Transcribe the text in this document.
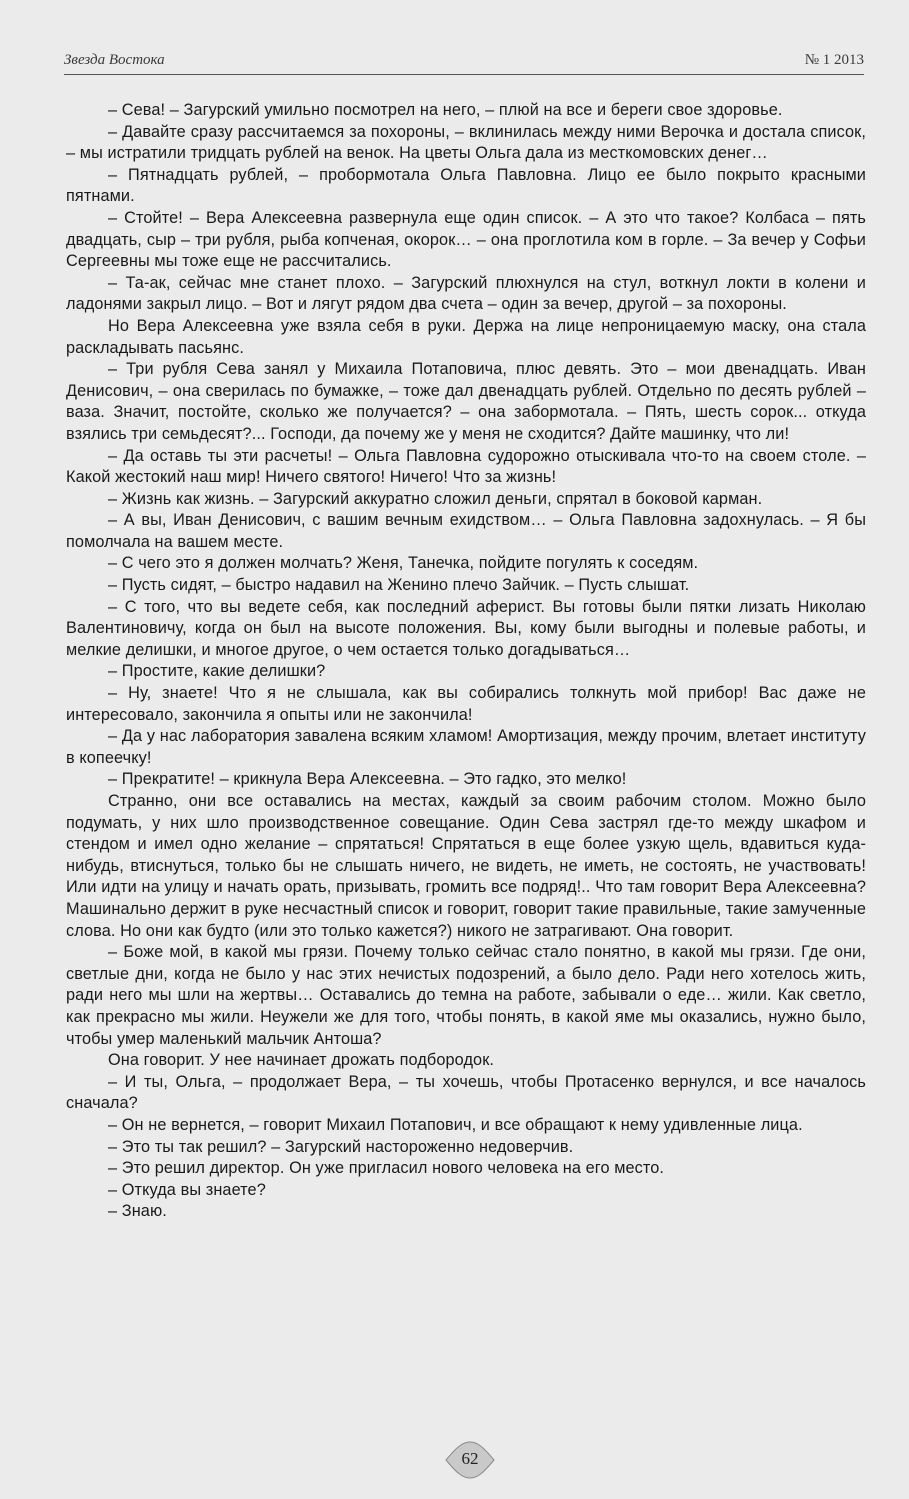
Звезда Востока	№ 1 2013

– Сева! – Загурский умильно посмотрел на него, – плюй на все и береги свое здоровье.

– Давайте сразу рассчитаемся за похороны, – вклинилась между ними Верочка и достала список, – мы истратили тридцать рублей на венок. На цветы Ольга дала из месткомовских денег…

– Пятнадцать рублей, – пробормотала Ольга Павловна. Лицо ее было покрыто красными пятнами.

– Стойте! – Вера Алексеевна развернула еще один список. – А это что такое? Колбаса – пять двадцать, сыр – три рубля, рыба копченая, окорок… – она проглотила ком в горле. – За вечер у Софьи Сергеевны мы тоже еще не рассчитались.

– Та-ак, сейчас мне станет плохо. – Загурский плюхнулся на стул, воткнул локти в колени и ладонями закрыл лицо. – Вот и лягут рядом два счета – один за вечер, другой – за похороны.

Но Вера Алексеевна уже взяла себя в руки. Держа на лице непроницаемую маску, она стала раскладывать пасьянс.

– Три рубля Сева занял у Михаила Потаповича, плюс девять. Это – мои двенадцать. Иван Денисович, – она сверилась по бумажке, – тоже дал двенадцать рублей. Отдельно по десять рублей – ваза. Значит, постойте, сколько же получается? – она забормотала. – Пять, шесть сорок... откуда взялись три семьдесят?... Господи, да почему же у меня не сходится? Дайте машинку, что ли!

– Да оставь ты эти расчеты! – Ольга Павловна судорожно отыскивала что-то на своем столе. – Какой жестокий наш мир! Ничего святого! Ничего! Что за жизнь!

– Жизнь как жизнь. – Загурский аккуратно сложил деньги, спрятал в боковой карман.

– А вы, Иван Денисович, с вашим вечным ехидством… – Ольга Павловна задохнулась. – Я бы помолчала на вашем месте.

– С чего это я должен молчать? Женя, Танечка, пойдите погулять к соседям.

– Пусть сидят, – быстро надавил на Женино плечо Зайчик. – Пусть слышат.

– С того, что вы ведете себя, как последний аферист. Вы готовы были пятки лизать Николаю Валентиновичу, когда он был на высоте положения. Вы, кому были выгодны и полевые работы, и мелкие делишки, и многое другое, о чем остается только догадываться…

– Простите, какие делишки?

– Ну, знаете! Что я не слышала, как вы собирались толкнуть мой прибор! Вас даже не интересовало, закончила я опыты или не закончила!

– Да у нас лаборатория завалена всяким хламом! Амортизация, между прочим, влетает институту в копеечку!

– Прекратите! – крикнула Вера Алексеевна. – Это гадко, это мелко!

Странно, они все оставались на местах, каждый за своим рабочим столом. Можно было подумать, у них шло производственное совещание. Один Сева застрял где-то между шкафом и стендом и имел одно желание – спрятаться! Спрятаться в еще более узкую щель, вдавиться куда-нибудь, втиснуться, только бы не слышать ничего, не видеть, не иметь, не состоять, не участвовать! Или идти на улицу и начать орать, призывать, громить все подряд!.. Что там говорит Вера Алексеевна? Машинально держит в руке несчастный список и говорит, говорит такие правильные, такие замученные слова. Но они как будто (или это только кажется?) никого не затрагивают. Она говорит.

– Боже мой, в какой мы грязи. Почему только сейчас стало понятно, в какой мы грязи. Где они, светлые дни, когда не было у нас этих нечистых подозрений, а было дело. Ради него хотелось жить, ради него мы шли на жертвы… Оставались до темна на работе, забывали о еде… жили. Как светло, как прекрасно мы жили. Неужели же для того, чтобы понять, в какой яме мы оказались, нужно было, чтобы умер маленький мальчик Антоша?

Она говорит. У нее начинает дрожать подбородок.

– И ты, Ольга, – продолжает Вера, – ты хочешь, чтобы Протасенко вернулся, и все началось сначала?

– Он не вернется, – говорит Михаил Потапович, и все обращают к нему удивленные лица.

– Это ты так решил? – Загурский настороженно недоверчив.

– Это решил директор. Он уже пригласил нового человека на его место.

– Откуда вы знаете?

– Знаю.

62
